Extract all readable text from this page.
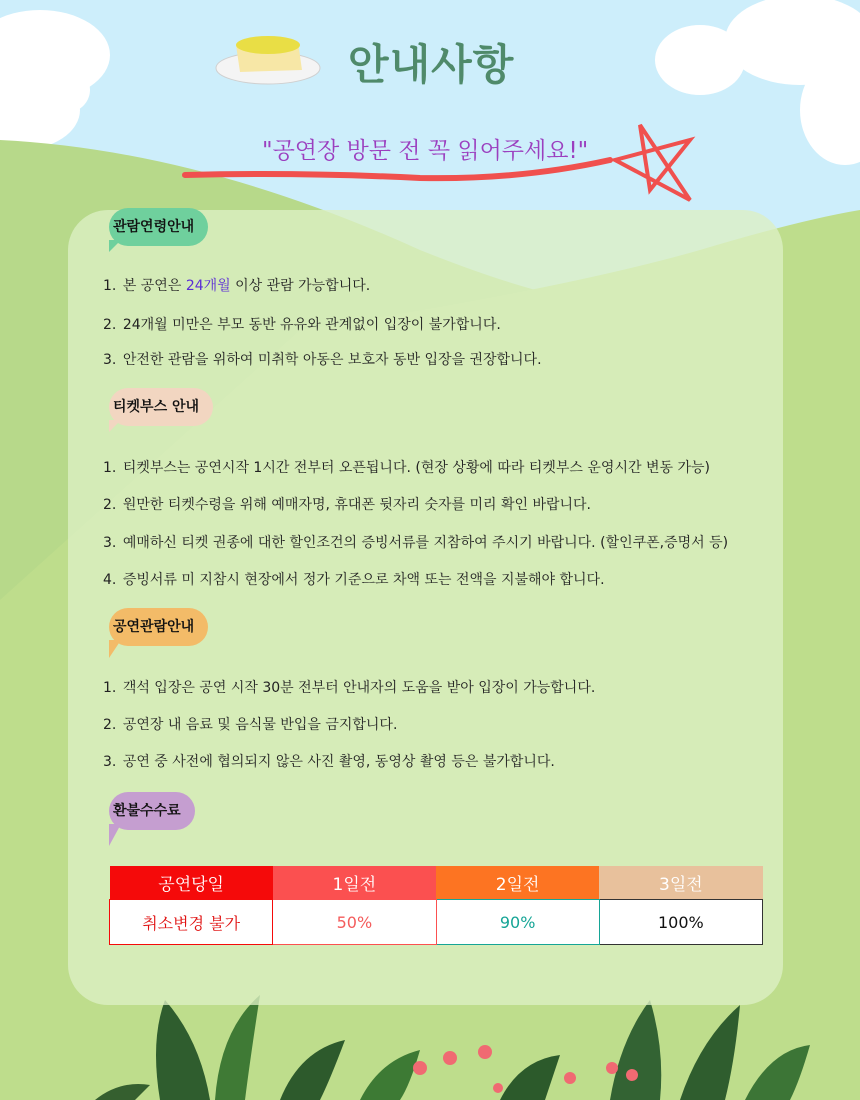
안내사항
"공연장 방문 전 꼭 읽어주세요!"
관람연령안내
1. 본 공연은 24개월 이상 관람 가능합니다.
2. 24개월 미만은 부모 동반 유유와 관계없이 입장이 불가합니다.
3. 안전한 관람을 위하여 미취학 아동은 보호자 동반 입장을 권장합니다.
티켓부스 안내
1. 티켓부스는 공연시작 1시간 전부터 오픈됩니다. (현장 상황에 따라 티켓부스 운영시간 변동 가능)
2. 원만한 티켓수령을 위해 예매자명, 휴대폰 뒷자리 숫자를 미리 확인 바랍니다.
3. 예매하신 티켓 권종에 대한 할인조건의 증빙서류를 지참하여 주시기 바랍니다. (할인쿠폰,증명서 등)
4. 증빙서류 미 지참시 현장에서 정가 기준으로 차액 또는 전액을 지불해야 합니다.
공연관람안내
1. 객석 입장은 공연 시작 30분 전부터 안내자의 도움을 받아 입장이 가능합니다.
2. 공연장 내 음료 및 음식물 반입을 금지합니다.
3. 공연 중 사전에 협의되지 않은 사진 촬영, 동영상 촬영 등은 불가합니다.
환불수수료
공연당일	1일전	2일전	3일전
취소변경 불가	50%	90%	100%
